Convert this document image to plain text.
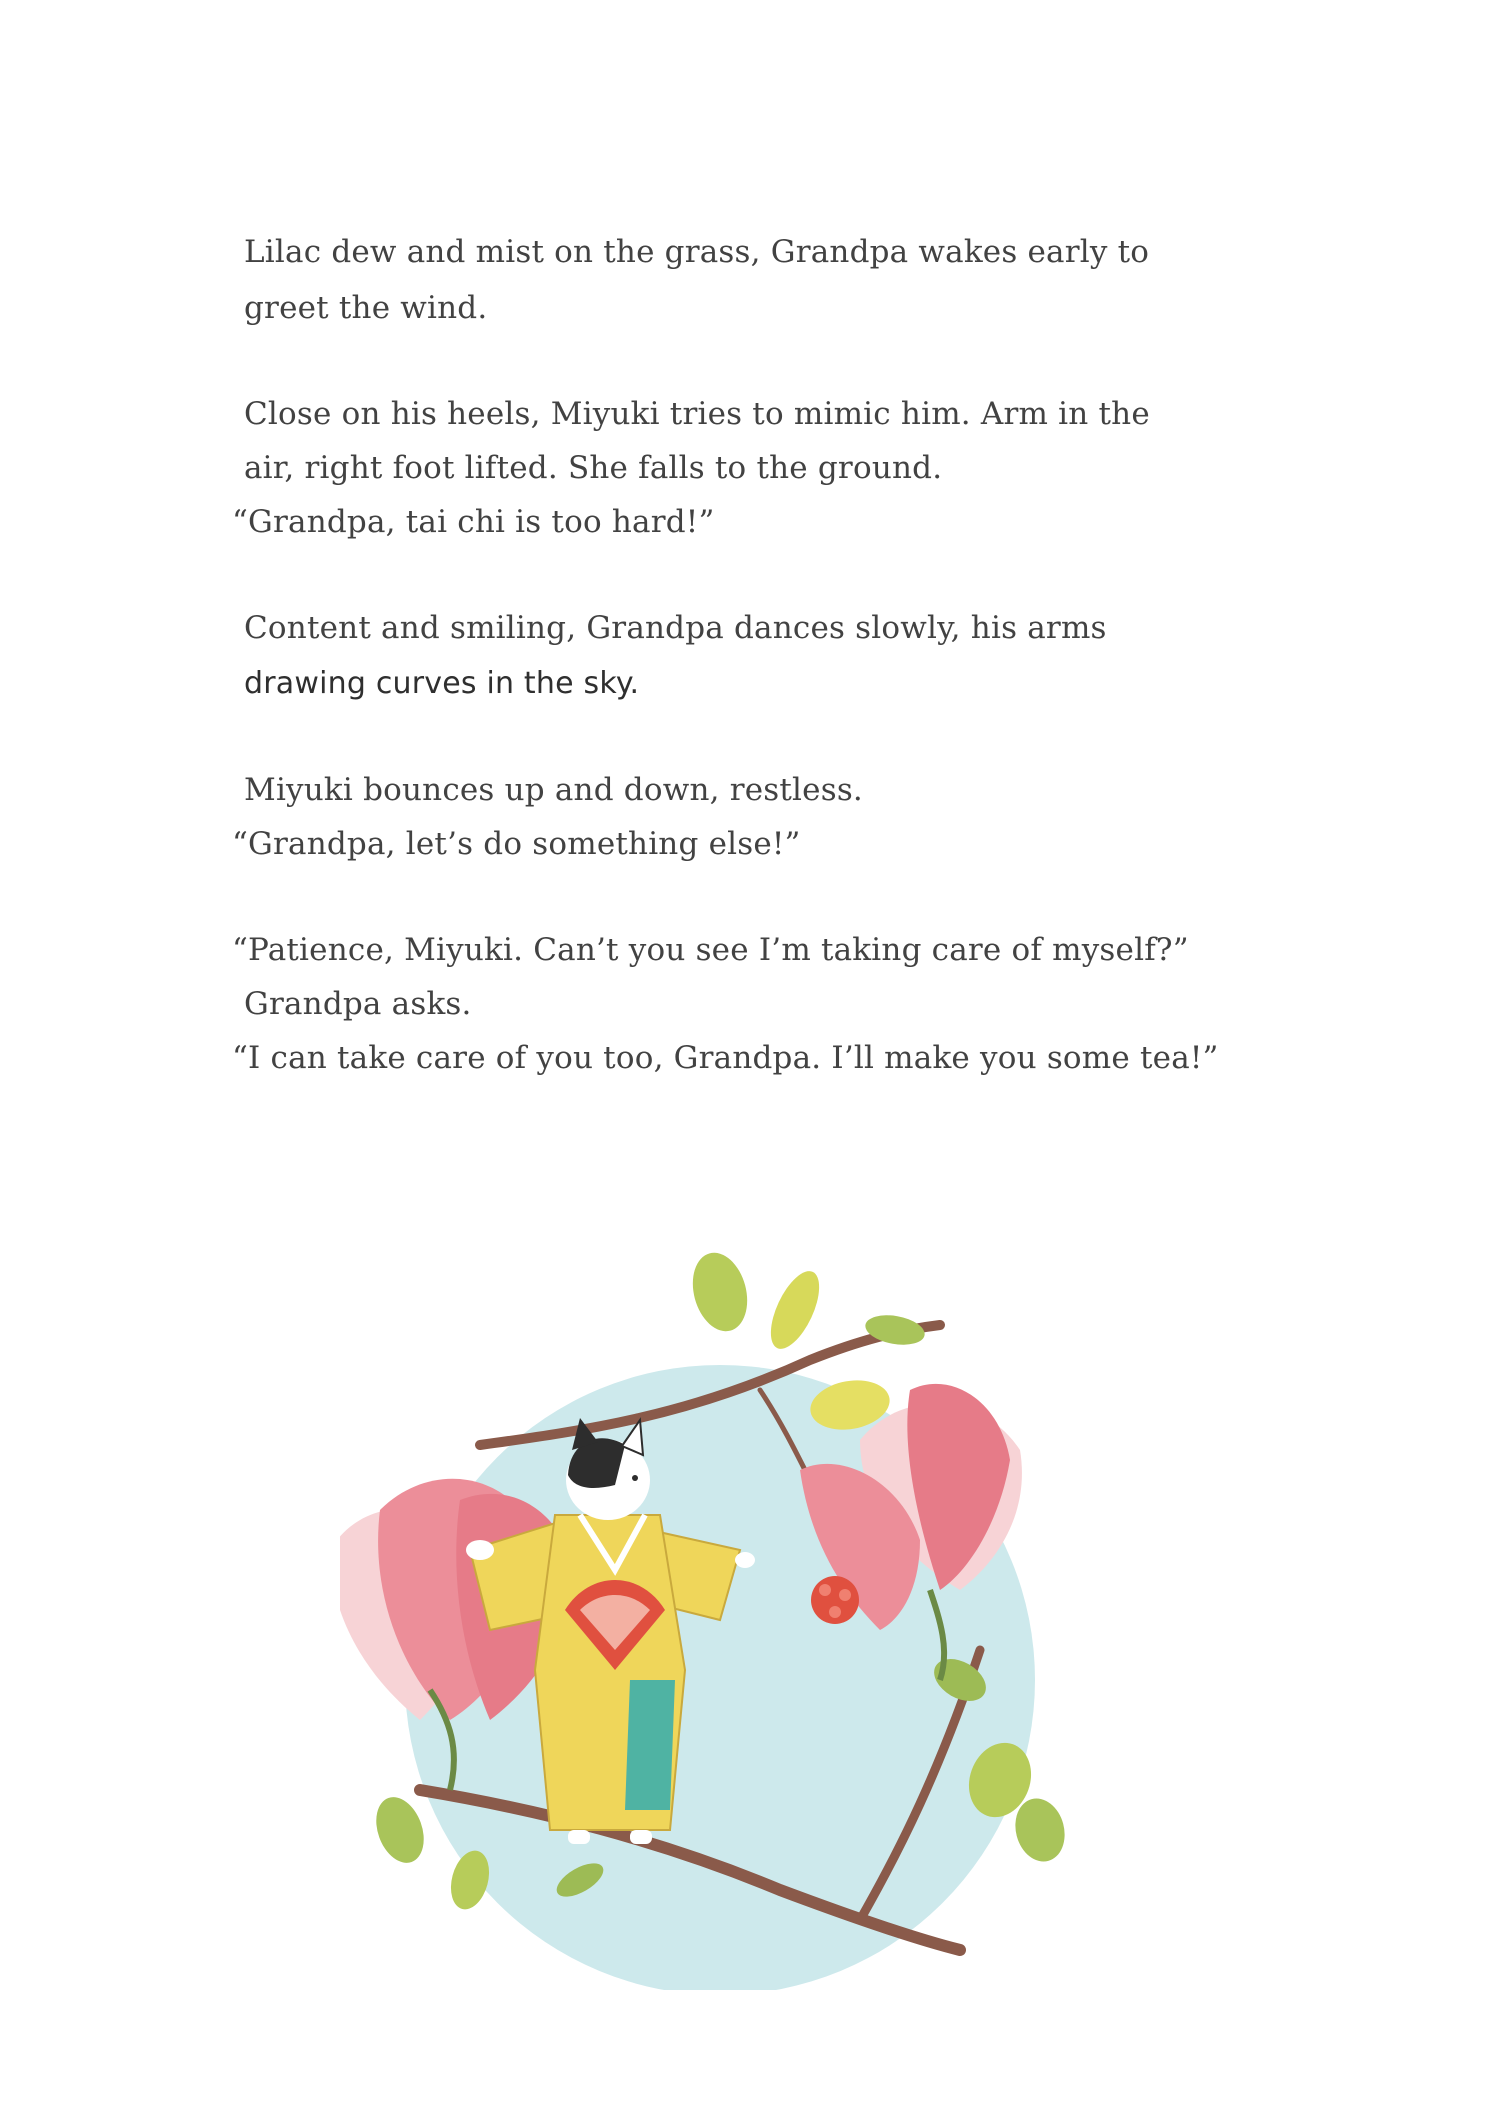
Lilac dew and mist on the grass, Grandpa wakes early to
greet the wind.
Close on his heels, Miyuki tries to mimic him. Arm in the
air, right foot lifted. She falls to the ground.
“Grandpa, tai chi is too hard!”
Content and smiling, Grandpa dances slowly, his arms
drawing curves in the sky.
Miyuki bounces up and down, restless.
“Grandpa, let’s do something else!”
“Patience, Miyuki. Can’t you see I’m taking care of myself?”
Grandpa asks.
“I can take care of you too, Grandpa. I’ll make you some tea!”
